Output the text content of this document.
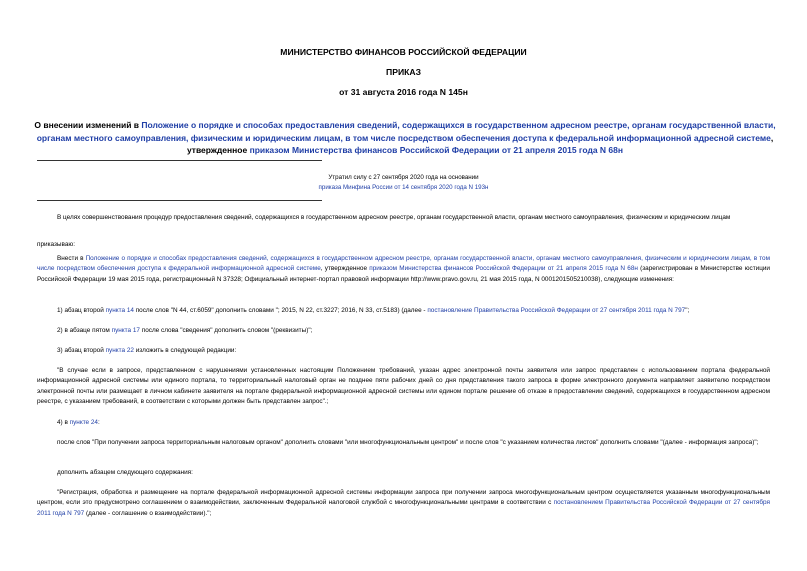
МИНИСТЕРСТВО ФИНАНСОВ РОССИЙСКОЙ ФЕДЕРАЦИИ

ПРИКАЗ

от 31 августа 2016 года N 145н

О внесении изменений в Положение о порядке и способах предоставления сведений, содержащихся в государственном адресном реестре, органам государственной власти, органам местного самоуправления, физическим и юридическим лицам, в том числе посредством обеспечения доступа к федеральной информационной адресной системе, утвержденное приказом Министерства финансов Российской Федерации от 21 апреля 2015 года N 68н

Утратил силу с 27 сентября 2020 года на основании

приказа Минфина России от 14 сентября 2020 года N 193н

В целях совершенствования процедур предоставления сведений, содержащихся в государственном адресном реестре, органам государственной власти, органам местного самоуправления, физическим и юридическим лицам

приказываю:

Внести в Положение о порядке и способах предоставления сведений, содержащихся в государственном адресном реестре, органам государственной власти, органам местного самоуправления, физическим и юридическим лицам, в том числе посредством обеспечения доступа к федеральной информационной адресной системе, утвержденное приказом Министерства финансов Российской Федерации от 21 апреля 2015 года N 68н (зарегистрирован в Министерстве юстиции Российской Федерации 19 мая 2015 года, регистрационный N 37328; Официальный интернет-портал правовой информации http://www.pravo.gov.ru, 21 мая 2015 года, N 0001201505210038), следующие изменения:

1) абзац второй пункта 14 после слов "N 44, ст.6059" дополнить словами "; 2015, N 22, ст.3227; 2016, N 33, ст.5183) (далее - постановление Правительства Российской Федерации от 27 сентября 2011 года N 797";

2) в абзаце пятом пункта 17 после слова "сведения" дополнить словом "(реквизиты)";

3) абзац второй пункта 22 изложить в следующей редакции:

"В случае если в запросе, представленном с нарушениями установленных настоящим Положением требований, указан адрес электронной почты заявителя или запрос представлен с использованием портала федеральной информационной адресной системы или единого портала, то территориальный налоговый орган не позднее пяти рабочих дней со дня представления такого запроса в форме электронного документа направляет заявителю посредством электронной почты или размещает в личном кабинете заявителя на портале федеральной информационной адресной системы или едином портале решение об отказе в предоставлении сведений, содержащихся в государственном адресном реестре, с указанием требований, в соответствии с которыми должен быть представлен запрос".;

4) в пункте 24:

после слов "При получении запроса территориальным налоговым органом" дополнить словами "или многофункциональным центром" и после слов "с указанием количества листов" дополнить словами "(далее - информация запроса)";

дополнить абзацем следующего содержания:

"Регистрация, обработка и размещение на портале федеральной информационной адресной системы информации запроса при получении запроса многофункциональным центром осуществляется указанным многофункциональным центром, если это предусмотрено соглашением о взаимодействии, заключенным Федеральной налоговой службой с многофункциональными центрами в соответствии с постановлением Правительства Российской Федерации от 27 сентября 2011 года N 797 (далее - соглашение о взаимодействии).";
